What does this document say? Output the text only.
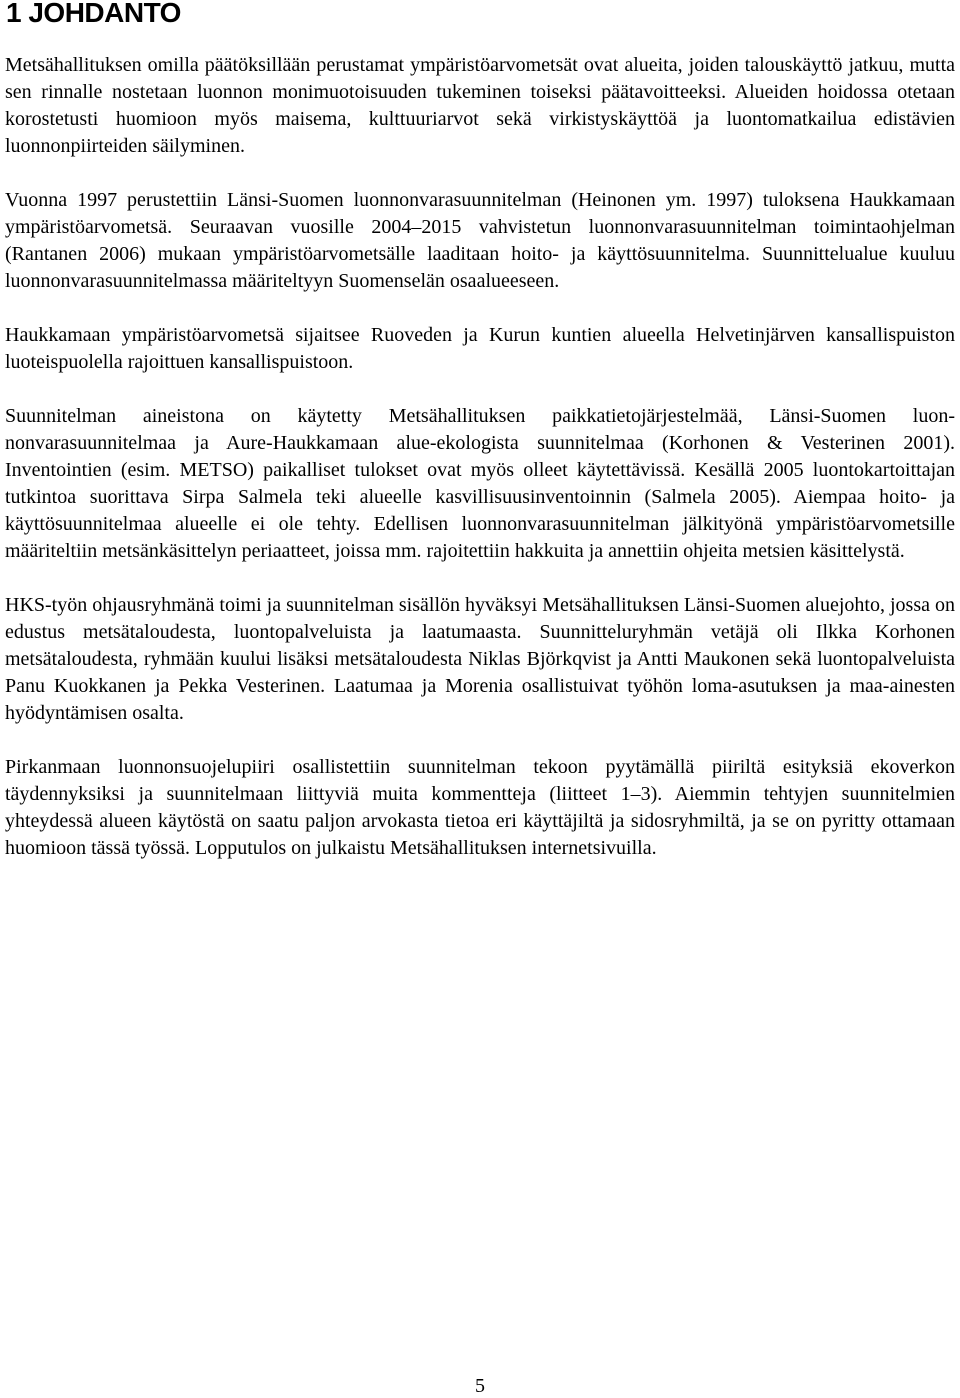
1 JOHDANTO

Metsähallituksen omilla päätöksillään perustamat ympäristöarvometsät ovat alueita, joiden talouskäyttö jatkuu, mutta sen rinnalle nostetaan luonnon monimuotoisuuden tukeminen toiseksi päätavoitteeksi. Alueiden hoidossa otetaan korostetusti huomioon myös maisema, kulttuuriarvot sekä virkistyskäyttöä ja luontomatkailua edistävien luonnonpiirteiden säilyminen.

Vuonna 1997 perustettiin Länsi-Suomen luonnonvarasuunnitelman (Heinonen ym. 1997) tuloksena Haukkamaan ympäristöarvometsä. Seuraavan vuosille 2004–2015 vahvistetun luonnonvarasuunnitelman toimintaohjelman (Rantanen 2006) mukaan ympäristöarvometsälle laaditaan hoito- ja käyttösuunnitelma. Suunnittelualue kuuluu luonnonvarasuunnitelmassa määriteltyyn Suomenselän osaalueeseen.

Haukkamaan ympäristöarvometsä sijaitsee Ruoveden ja Kurun kuntien alueella Helvetinjärven kansallispuiston luoteispuolella rajoittuen kansallispuistoon.

Suunnitelman aineistona on käytetty Metsähallituksen paikkatietojärjestelmää, Länsi-Suomen luonnonvarasuunnitelmaa ja Aure-Haukkamaan alue-ekologista suunnitelmaa (Korhonen & Vesterinen 2001). Inventointien (esim. METSO) paikalliset tulokset ovat myös olleet käytettävissä. Kesällä 2005 luontokartoittajan tutkintoa suorittava Sirpa Salmela teki alueelle kasvillisuusinventoinnin (Salmela 2005). Aiempaa hoito- ja käyttösuunnitelmaa alueelle ei ole tehty. Edellisen luonnonvarasuunnitelman jälkityönä ympäristöarvometsille määriteltiin metsänkäsittelyn periaatteet, joissa mm. rajoitettiin hakkuita ja annettiin ohjeita metsien käsittelystä.

HKS-työn ohjausryhmänä toimi ja suunnitelman sisällön hyväksyi Metsähallituksen Länsi-Suomen aluejohto, jossa on edustus metsätaloudesta, luontopalveluista ja laatumaasta. Suunnitteluryhmän vetäjä oli Ilkka Korhonen metsätaloudesta, ryhmään kuului lisäksi metsätaloudesta Niklas Björkqvist ja Antti Maukonen sekä luontopalveluista Panu Kuokkanen ja Pekka Vesterinen. Laatumaa ja Morenia osallistuivat työhön loma-asutuksen ja maa-ainesten hyödyntämisen osalta.

Pirkanmaan luonnonsuojelupiiri osallistettiin suunnitelman tekoon pyytämällä piiriltä esityksiä ekoverkon täydennyksiksi ja suunnitelmaan liittyviä muita kommentteja (liitteet 1–3). Aiemmin tehtyjen suunnitelmien yhteydessä alueen käytöstä on saatu paljon arvokasta tietoa eri käyttäjiltä ja sidosryhmiltä, ja se on pyritty ottamaan huomioon tässä työssä. Lopputulos on julkaistu Metsähallituksen internetsivuilla.

5
